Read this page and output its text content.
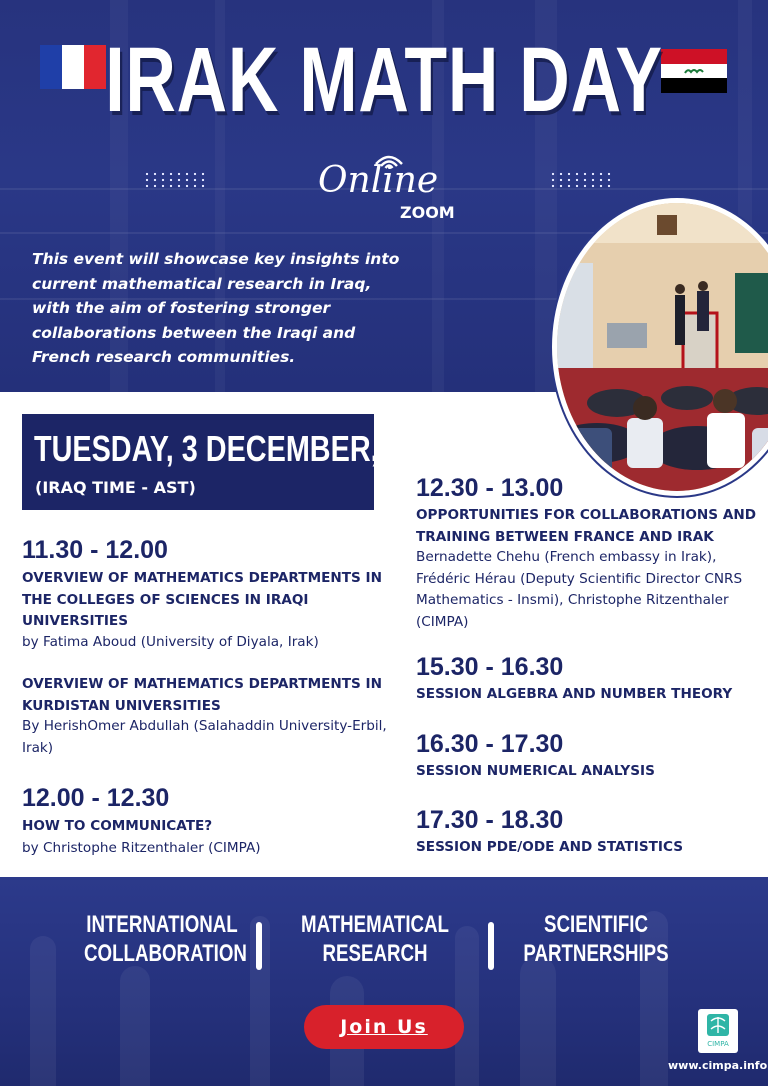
IRAK MATH DAY
Online
ZOOM
This event will showcase key insights into current mathematical research in Iraq, with the aim of fostering stronger collaborations between the Iraqi and French research communities.
TUESDAY, 3 DECEMBER, 2024
(IRAQ TIME - AST)
11.30 - 12.00
OVERVIEW OF MATHEMATICS DEPARTMENTS IN THE COLLEGES OF SCIENCES IN IRAQI UNIVERSITIES
by Fatima Aboud (University of Diyala, Irak)
OVERVIEW OF MATHEMATICS DEPARTMENTS IN KURDISTAN UNIVERSITIES
By HerishOmer Abdullah (Salahaddin University-Erbil, Irak)
12.00 - 12.30
HOW TO COMMUNICATE?
by Christophe Ritzenthaler (CIMPA)
12.30 - 13.00
OPPORTUNITIES FOR COLLABORATIONS AND TRAINING BETWEEN FRANCE AND IRAK
Bernadette Chehu (French embassy in Irak), Frédéric Hérau (Deputy Scientific Director CNRS Mathematics - Insmi), Christophe Ritzenthaler (CIMPA)
15.30 - 16.30
SESSION ALGEBRA AND NUMBER THEORY
16.30 - 17.30
SESSION NUMERICAL ANALYSIS
17.30 - 18.30
SESSION PDE/ODE AND STATISTICS
INTERNATIONAL
COLLABORATION
MATHEMATICAL
RESEARCH
SCIENTIFIC
PARTNERSHIPS
Join Us
CIMPA
www.cimpa.info
